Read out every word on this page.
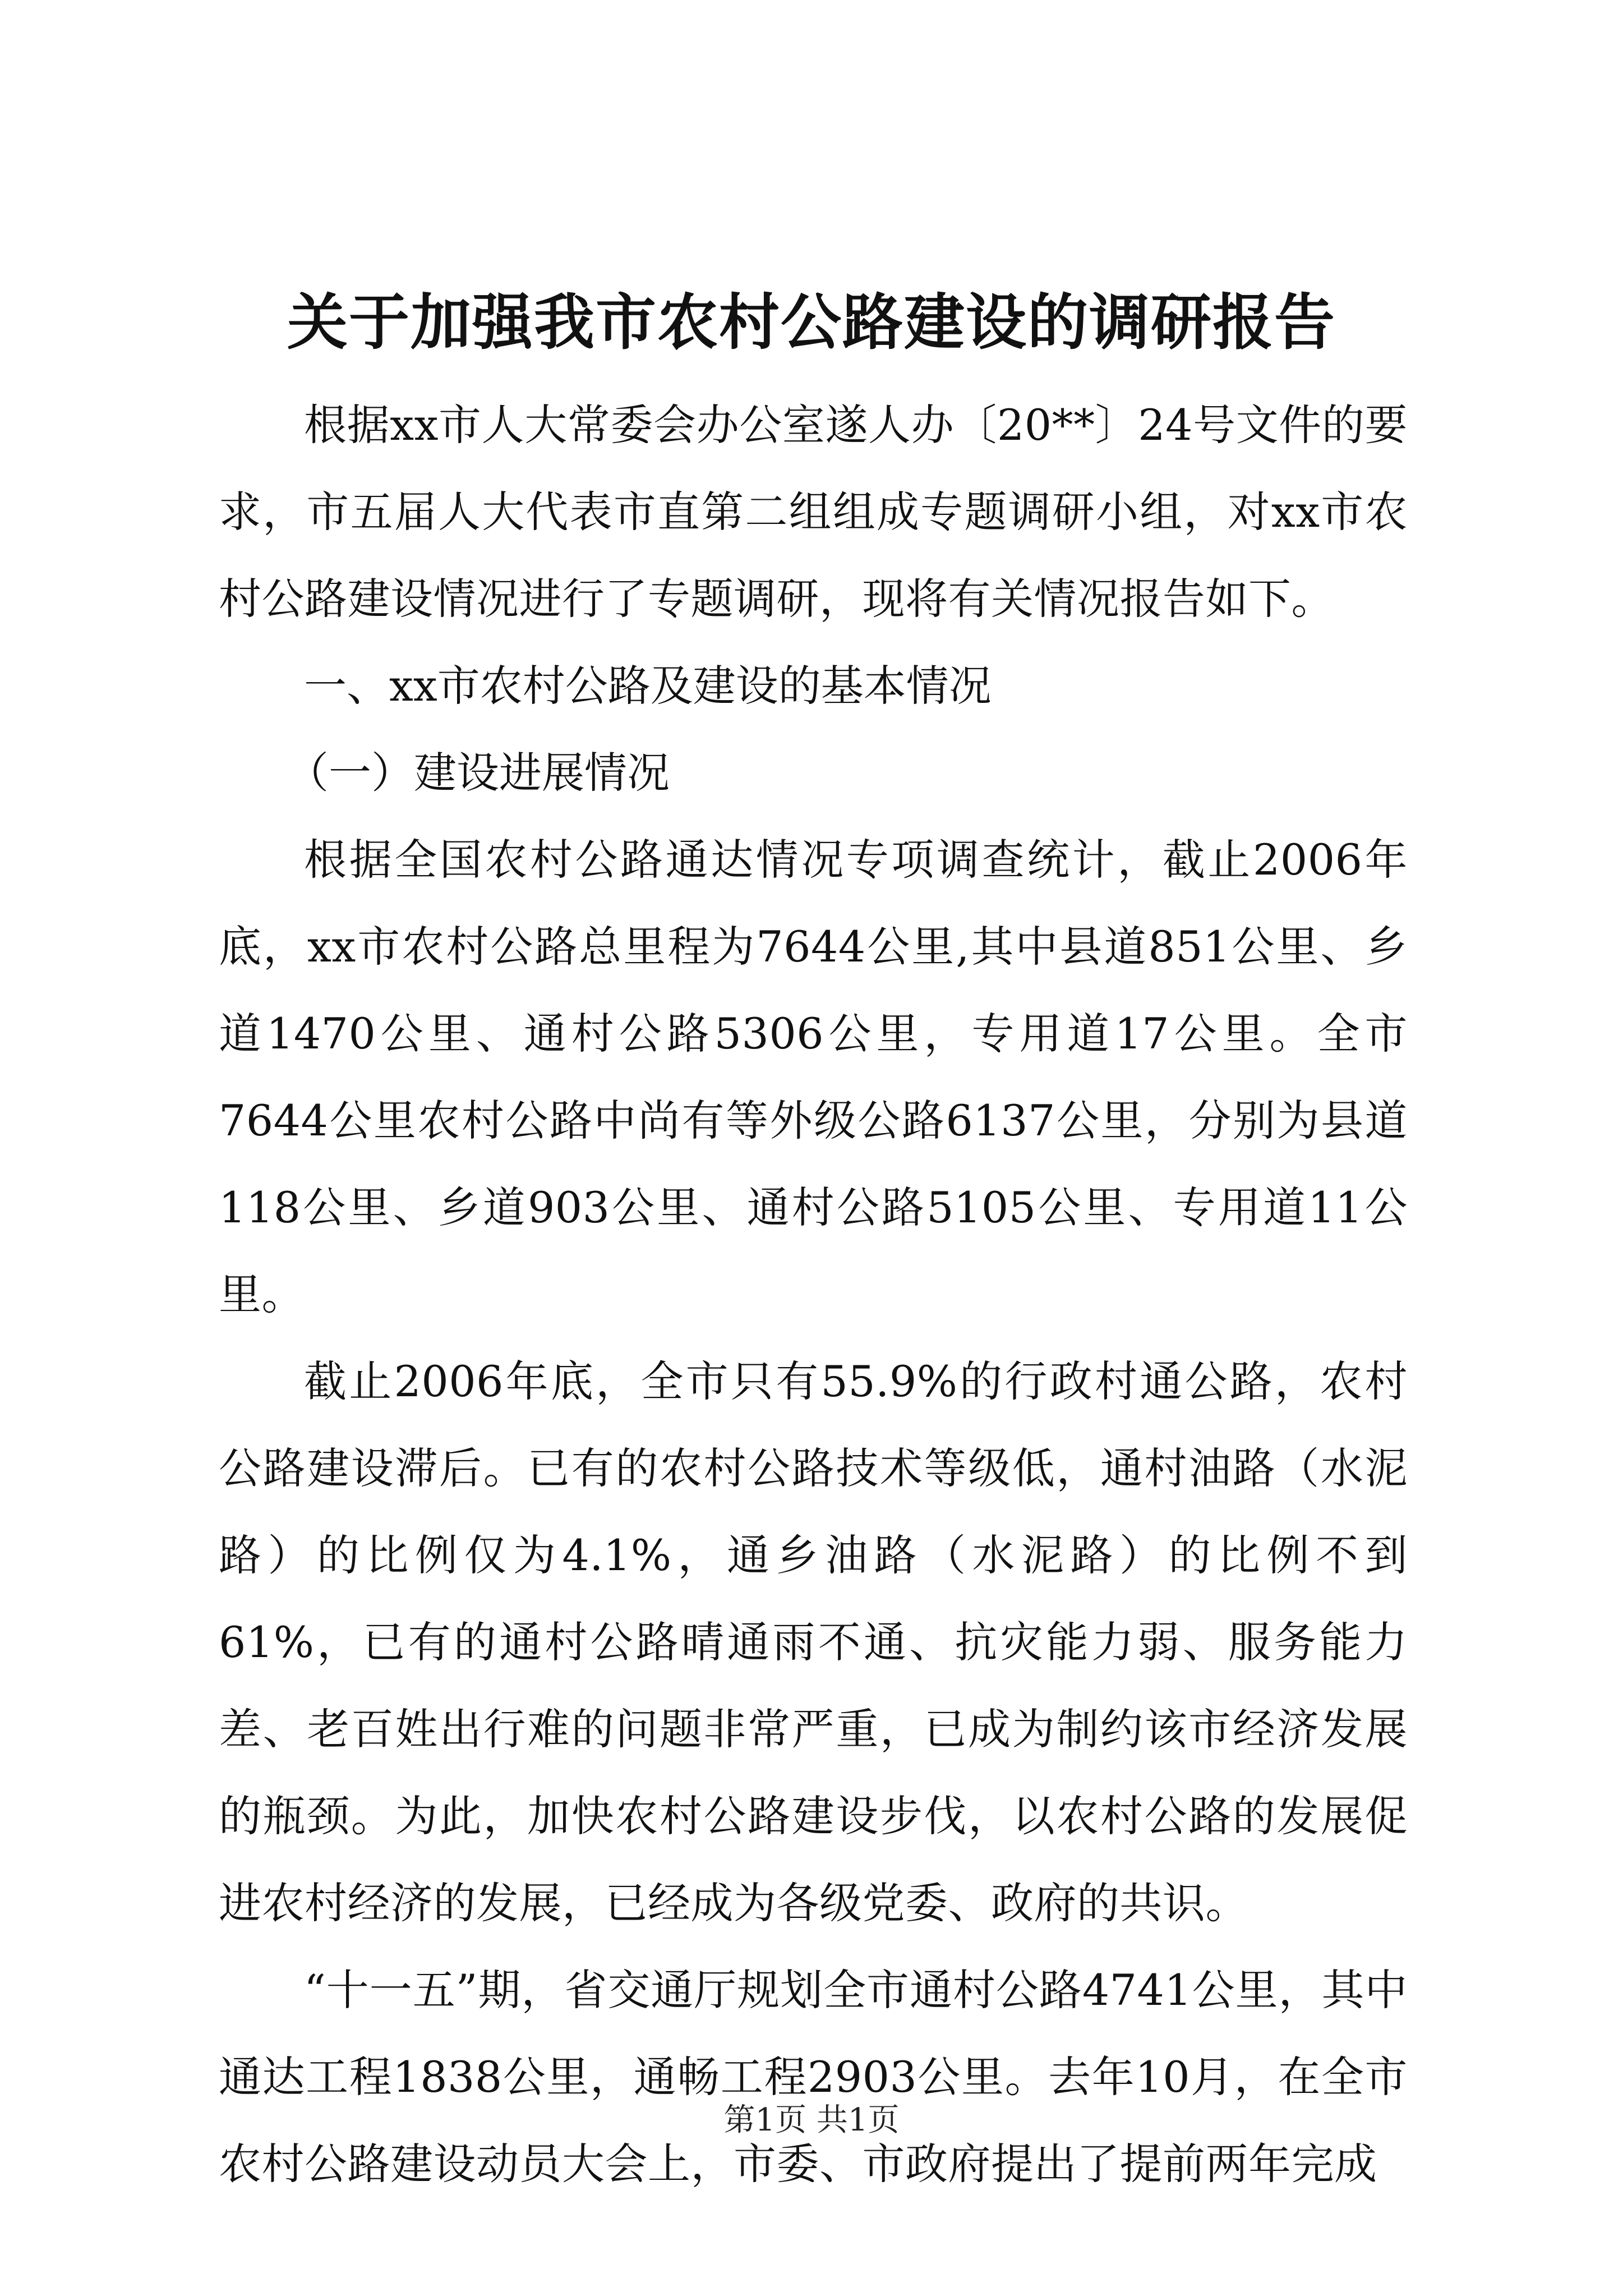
关于加强我市农村公路建设的调研报告

根据xx市人大常委会办公室遂人办〔20**〕24号文件的要求，市五届人大代表市直第二组组成专题调研小组，对xx市农村公路建设情况进行了专题调研，现将有关情况报告如下。

一、xx市农村公路及建设的基本情况

（一）建设进展情况

根据全国农村公路通达情况专项调查统计，截止2006年底，xx市农村公路总里程为7644公里,其中县道851公里、乡道1470公里、通村公路5306公里，专用道17公里。全市7644公里农村公路中尚有等外级公路6137公里，分别为县道118公里、乡道903公里、通村公路5105公里、专用道11公里。

截止2006年底，全市只有55.9%的行政村通公路，农村公路建设滞后。已有的农村公路技术等级低，通村油路（水泥路）的比例仅为4.1%，通乡油路（水泥路）的比例不到61%，已有的通村公路晴通雨不通、抗灾能力弱、服务能力差、老百姓出行难的问题非常严重，已成为制约该市经济发展的瓶颈。为此，加快农村公路建设步伐，以农村公路的发展促进农村经济的发展，已经成为各级党委、政府的共识。

“十一五”期，省交通厅规划全市通村公路4741公里，其中通达工程1838公里，通畅工程2903公里。去年10月，在全市农村公路建设动员大会上，市委、市政府提出了提前两年完成

第1页 共1页
